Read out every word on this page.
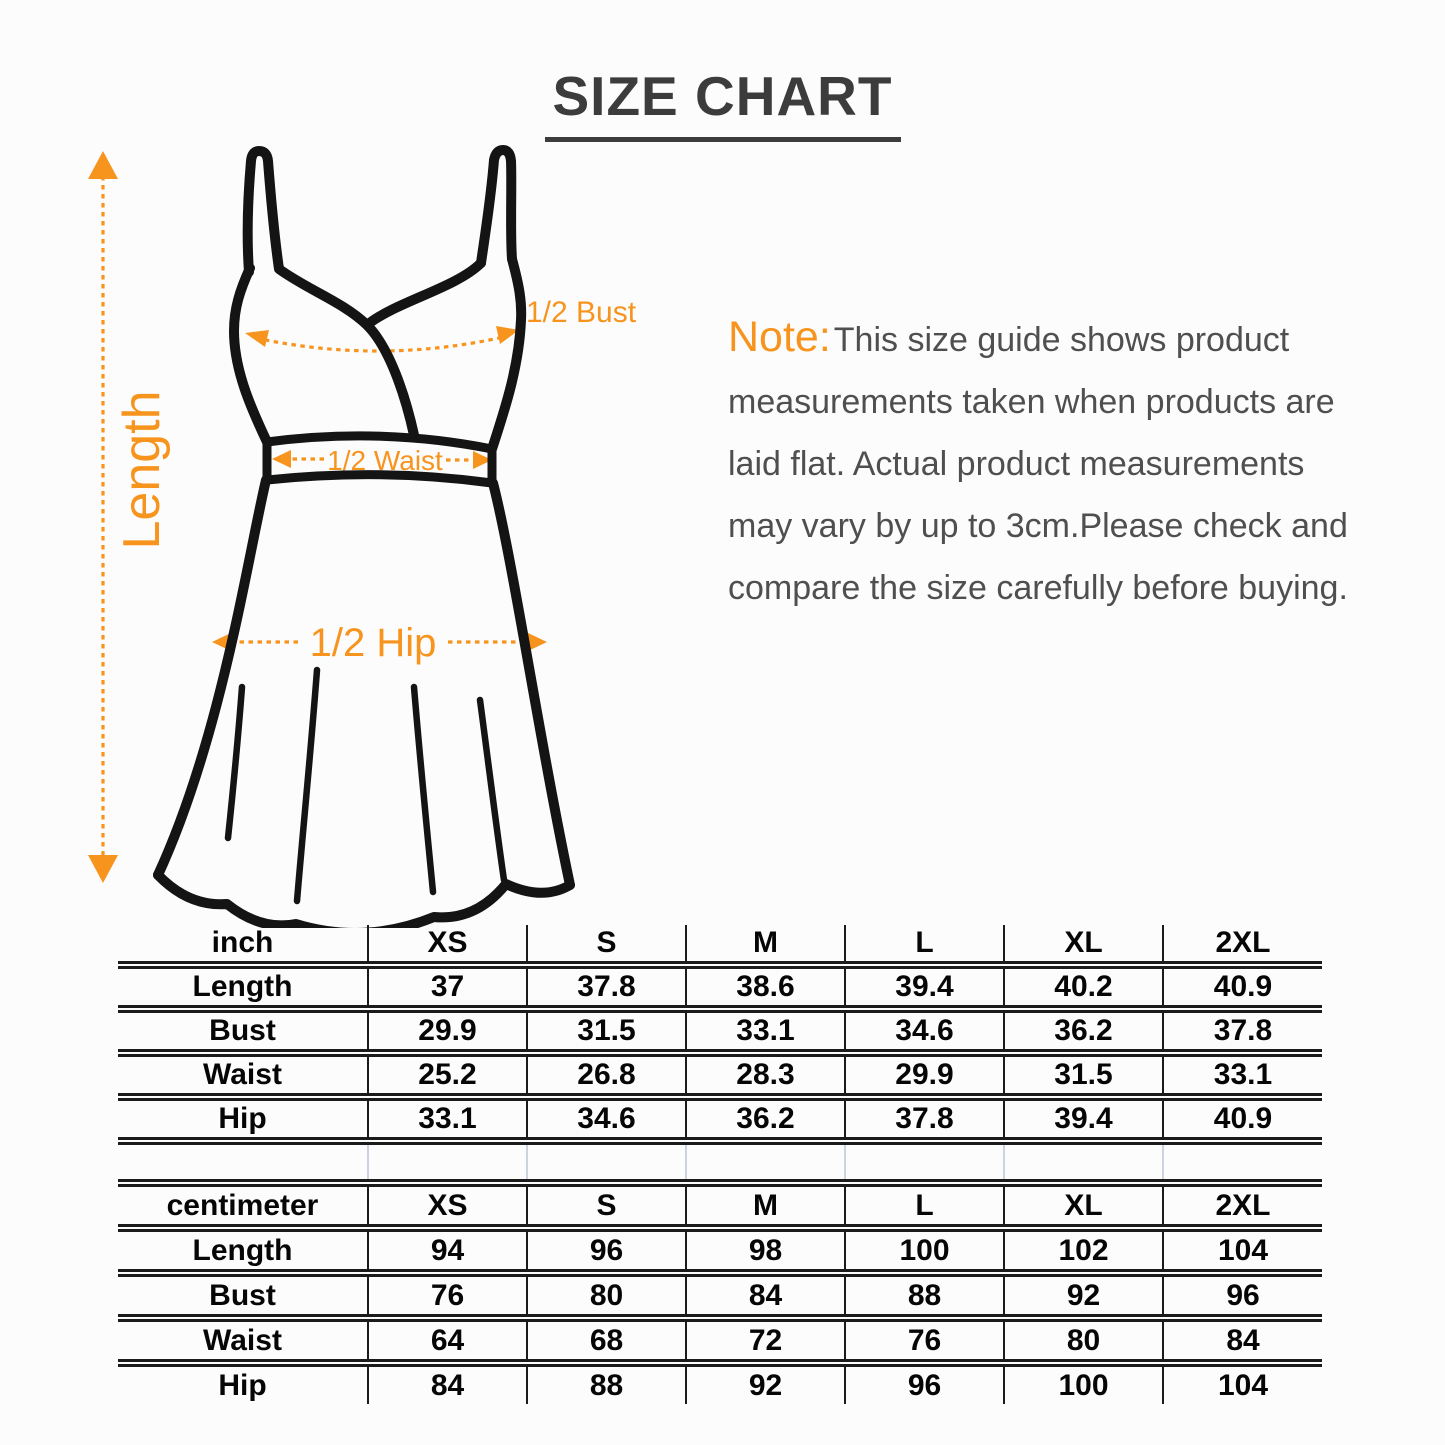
SIZE CHART
Length
1/2 Bust
1/2 Waist
1/2 Hip
Note:This size guide shows product
measurements taken when products are
laid flat. Actual product measurements
may vary by up to 3cm.Please check and
compare the size carefully before buying.
inch	XS	S	M	L	XL	2XL
Length	37	37.8	38.6	39.4	40.2	40.9
Bust	29.9	31.5	33.1	34.6	36.2	37.8
Waist	25.2	26.8	28.3	29.9	31.5	33.1
Hip	33.1	34.6	36.2	37.8	39.4	40.9

centimeter	XS	S	M	L	XL	2XL
Length	94	96	98	100	102	104
Bust	76	80	84	88	92	96
Waist	64	68	72	76	80	84
Hip	84	88	92	96	100	104
